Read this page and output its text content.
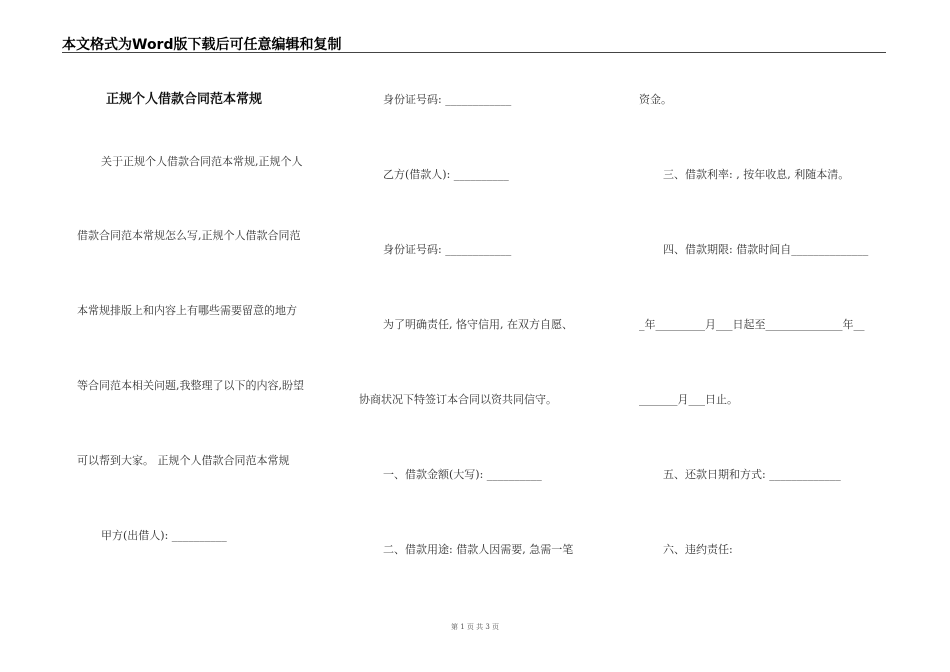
本文格式为Word版下载后可任意编辑和复制
正规个人借款合同范本常规
关于正规个人借款合同范本常规,正规个人
借款合同范本常规怎么写,正规个人借款合同范
本常规排版上和内容上有哪些需要留意的地方
等合同范本相关问题,我整理了以下的内容,盼望
可以帮到大家。 正规个人借款合同范本常规
甲方(出借人): __________
身份证号码: ____________
乙方(借款人): __________
身份证号码: ____________
为了明确责任, 恪守信用, 在双方自愿、
协商状况下特签订本合同以资共同信守。
一、借款金额(大写): __________
二、借款用途: 借款人因需要, 急需一笔
资金。
三、借款利率: , 按年收息, 利随本清。
四、借款期限: 借款时间自______________
_年_________月___日起至______________年__
_______月___日止。
五、还款日期和方式: _____________
六、违约责任:
第 1 页 共 3 页
